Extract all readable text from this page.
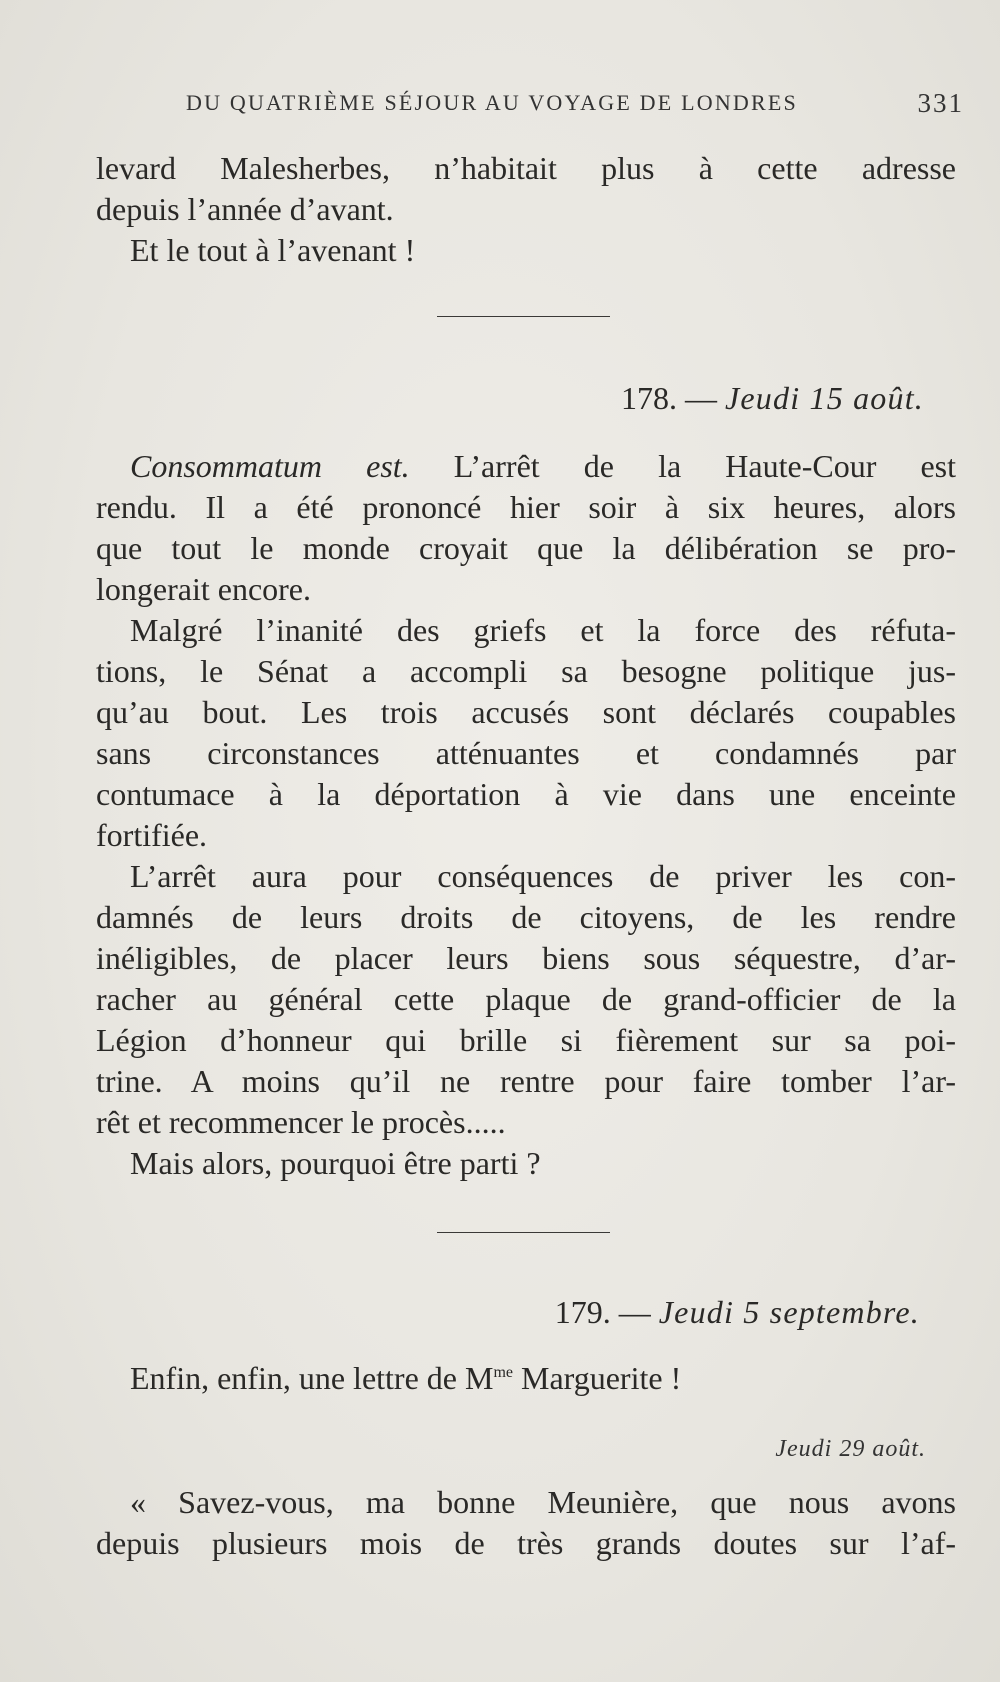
DU QUATRIÈME SÉJOUR AU VOYAGE DE LONDRES	331
levard Malesherbes, n’habitait plus à cette adresse
depuis l’année d’avant.
Et le tout à l’avenant !
178. — Jeudi 15 août.
Consommatum est. L’arrêt de la Haute-Cour est
rendu. Il a été prononcé hier soir à six heures, alors
que tout le monde croyait que la délibération se pro-
longerait encore.
Malgré l’inanité des griefs et la force des réfuta-
tions, le Sénat a accompli sa besogne politique jus-
qu’au bout. Les trois accusés sont déclarés coupables
sans circonstances atténuantes et condamnés par
contumace à la déportation à vie dans une enceinte
fortifiée.
L’arrêt aura pour conséquences de priver les con-
damnés de leurs droits de citoyens, de les rendre
inéligibles, de placer leurs biens sous séquestre, d’ar-
racher au général cette plaque de grand-officier de la
Légion d’honneur qui brille si fièrement sur sa poi-
trine. A moins qu’il ne rentre pour faire tomber l’ar-
rêt et recommencer le procès.....
Mais alors, pourquoi être parti ?
179. — Jeudi 5 septembre.
Enfin, enfin, une lettre de $M^{me}$ Marguerite !
Jeudi 29 août.
« Savez-vous, ma bonne Meunière, que nous avons
depuis plusieurs mois de très grands doutes sur l’af-
